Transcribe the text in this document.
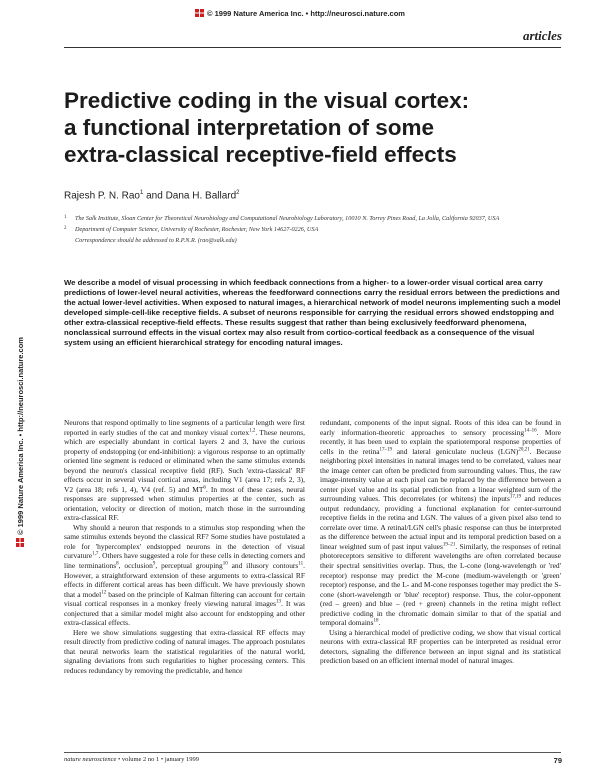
© 1999 Nature America Inc. • http://neurosci.nature.com
articles
Predictive coding in the visual cortex:
a functional interpretation of some
extra-classical receptive-field effects
Rajesh P. N. Rao$^1$ and Dana H. Ballard$^2$
1 The Salk Institute, Sloan Center for Theoretical Neurobiology and Computational Neurobiology Laboratory, 10010 N. Torrey Pines Road, La Jolla, California 92037, USA
2 Department of Computer Science, University of Rochester, Rochester, New York 14627-0226, USA
Correspondence should be addressed to R.P.N.R. (rao@salk.edu)
We describe a model of visual processing in which feedback connections from a higher- to a lower-order visual cortical area carry predictions of lower-level neural activities, whereas the feedforward connections carry the residual errors between the predictions and the actual lower-level activities. When exposed to natural images, a hierarchical network of model neurons implementing such a model developed simple-cell-like receptive fields. A subset of neurons responsible for carrying the residual errors showed endstopping and other extra-classical receptive-field effects. These results suggest that rather than being exclusively feedforward phenomena, nonclassical surround effects in the visual cortex may also result from cortico-cortical feedback as a consequence of the visual system using an efficient hierarchical strategy for encoding natural images.
© 1999 Nature America Inc. • http://neurosci.nature.com	Neurons that respond optimally to line segments of a particular length were first reported in early studies of the cat and monkey visual cortex$^{1,2}$. These neurons, which are especially abundant in cortical layers 2 and 3, have the curious property of endstopping (or end-inhibition): a vigorous response to an optimally oriented line segment is reduced or eliminated when the same stimulus extends beyond the neuron's classical receptive field (RF). Such 'extra-classical' RF effects occur in several visual cortical areas, including V1 (area 17; refs 2, 3), V2 (area 18; refs 1, 4), V4 (ref. 5) and $MT^6$. In most of these cases, neural responses are suppressed when stimulus properties at the center, such as orientation, velocity or direction of motion, match those in the surrounding extra-classical RF.

Why should a neuron that responds to a stimulus stop responding when the same stimulus extends beyond the classical RF? Some studies have postulated a role for 'hypercomplex' endstopped neurons in the detection of visual curvature$^{1,7}$. Others have suggested a role for these cells in detecting corners and line terminations$^8$, occlusion$^9$, perceptual grouping$^{10}$ and illusory contours$^{11}$. However, a straightforward extension of these arguments to extra-classical RF effects in different cortical areas has been difficult. We have previously shown that a model$^{12}$ based on the principle of Kalman filtering can account for certain visual cortical responses in a monkey freely viewing natural images$^{13}$. It was conjectured that a similar model might also account for endstopping and other extra-classical effects.

Here we show simulations suggesting that extra-classical RF effects may result directly from predictive coding of natural images. The approach postulates that neural networks learn the statistical regularities of the natural world, signaling deviations from such regularities to higher processing centers. This reduces redundancy by removing the predictable, and hence

redundant, components of the input signal. Roots of this idea can be found in early information-theoretic approaches to sensory processing$^{14-16}$. More recently, it has been used to explain the spatiotemporal response properties of cells in the retina$^{17-19}$ and lateral geniculate nucleus (LGN)$^{20,21}$. Because neighboring pixel intensities in natural images tend to be correlated, values near the image center can often be predicted from surrounding values. Thus, the raw image-intensity value at each pixel can be replaced by the difference between a center pixel value and its spatial prediction from a linear weighted sum of the surrounding values. This decorrelates (or whitens) the inputs$^{17,19}$ and reduces output redundancy, providing a functional explanation for center-surround receptive fields in the retina and LGN. The values of a given pixel also tend to correlate over time. A retinal/LGN cell's phasic response can thus be interpreted as the difference between the actual input and its temporal prediction based on a linear weighted sum of past input values$^{19-21}$. Similarly, the responses of retinal photoreceptors sensitive to different wavelengths are often correlated because their spectral sensitivities overlap. Thus, the L-cone (long-wavelength or 'red' receptor) response may predict the M-cone (medium-wavelength or 'green' receptor) response, and the L- and M-cone responses together may predict the S-cone (short-wavelength or 'blue' receptor) response. Thus, the color-opponent (red – green) and blue – (red + green) channels in the retina might reflect predictive coding in the chromatic domain similar to that of the spatial and temporal domains$^{18}$.

Using a hierarchical model of predictive coding, we show that visual cortical neurons with extra-classical RF properties can be interpreted as residual error detectors, signaling the difference between an input signal and its statistical prediction based on an efficient internal model of natural images.

nature neuroscience • volume 2 no 1 • january 1999	79
